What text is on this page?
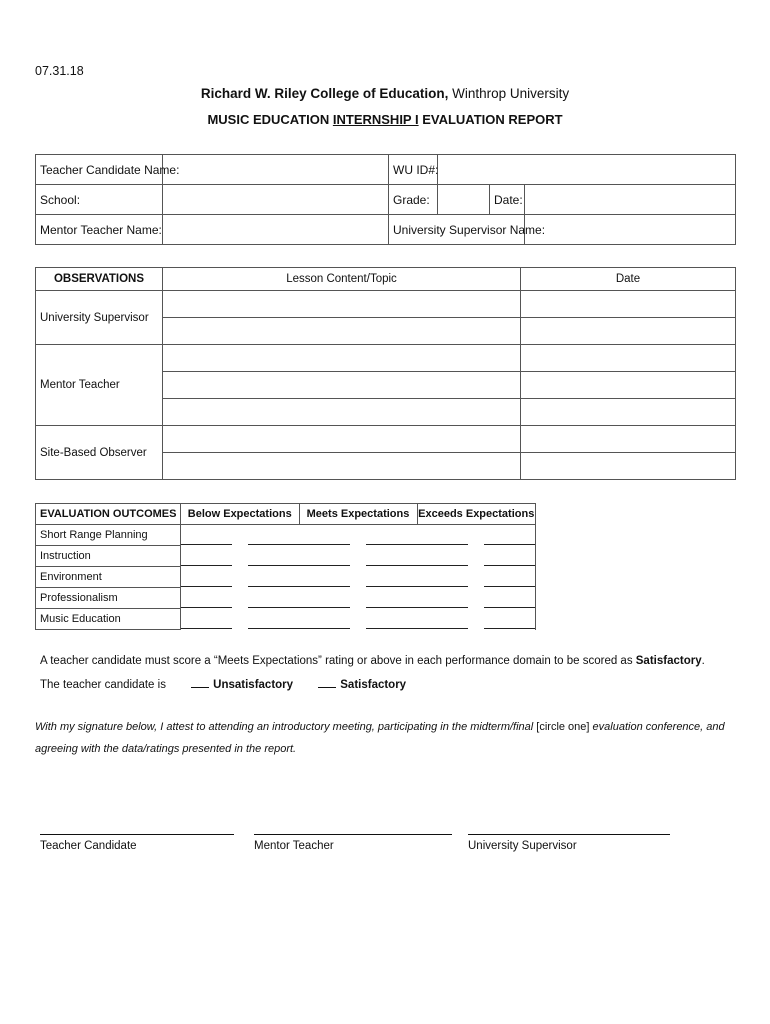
07.31.18
Richard W. Riley College of Education, Winthrop University
MUSIC EDUCATION INTERNSHIP I EVALUATION REPORT
Teacher Candidate Name:		WU ID#:			
School:		Grade:		Date:	
Mentor Teacher Name:		University Supervisor Name:			
OBSERVATIONS	Lesson Content/Topic	Date
University Supervisor		

Mentor Teacher		

Site-Based Observer		

EVALUATION OUTCOMES	Below Expectations			Meets Expectations			Exceeds Expectations		
Short Range Planning	

Instruction	

Environment	

Professionalism	

Music Education	

A teacher candidate must score a “Meets Expectations” rating or above in each performance domain to be scored as Satisfactory.
The teacher candidate is	Unsatisfactory	Satisfactory
With my signature below, I attest to attending an introductory meeting, participating in the midterm/final [circle one] evaluation conference, and agreeing with the data/ratings presented in the report.
Teacher Candidate	Mentor Teacher	University Supervisor
